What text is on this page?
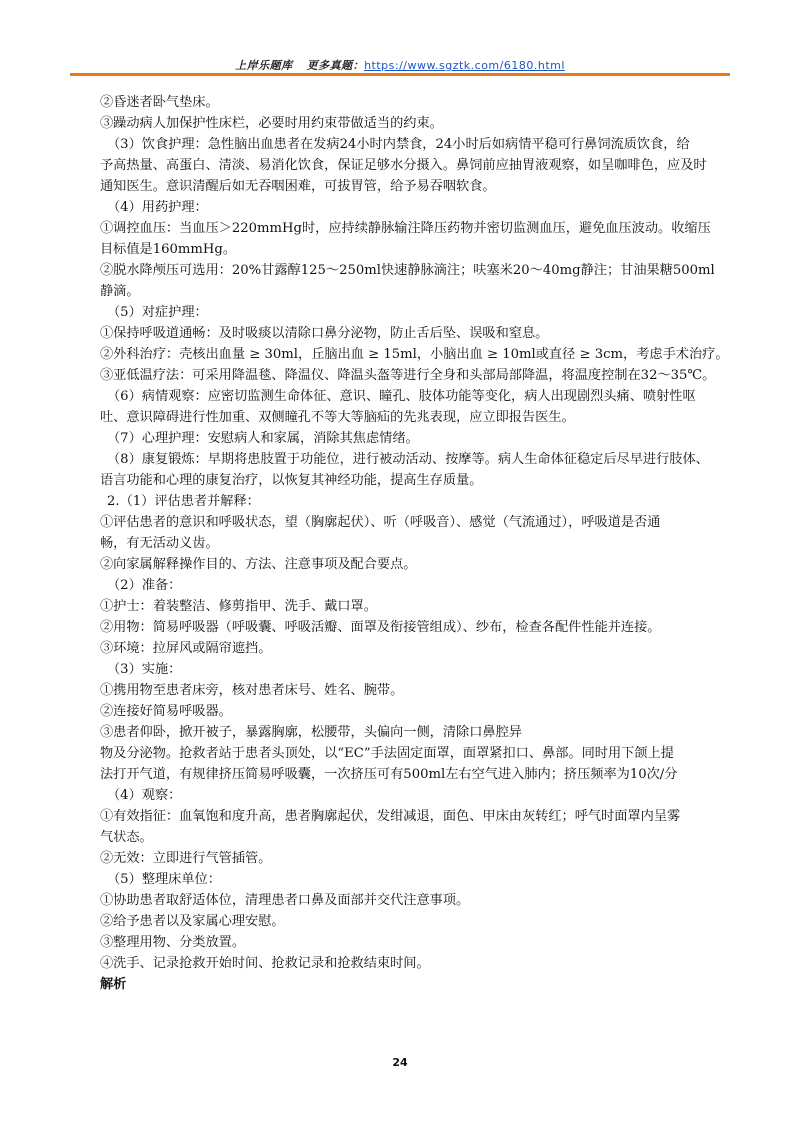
上岸乐题库 更多真题：https://www.sgztk.com/6180.html
②昏迷者卧气垫床。
③躁动病人加保护性床栏，必要时用约束带做适当的约束。
（3）饮食护理：急性脑出血患者在发病24小时内禁食，24小时后如病情平稳可行鼻饲流质饮食，给
予高热量、高蛋白、清淡、易消化饮食，保证足够水分摄入。鼻饲前应抽胃液观察，如呈咖啡色，应及时
通知医生。意识清醒后如无吞咽困难，可拔胃管，给予易吞咽软食。
（4）用药护理：
①调控血压：当血压＞220mmHg时，应持续静脉输注降压药物并密切监测血压，避免血压波动。收缩压
目标值是160mmHg。
②脱水降颅压可选用：20%甘露醇125～250ml快速静脉滴注；呋塞米20～40mg静注；甘油果糖500ml
静滴。
（5）对症护理：
①保持呼吸道通畅：及时吸痰以清除口鼻分泌物，防止舌后坠、误吸和窒息。
②外科治疗：壳核出血量 ≥ 30ml，丘脑出血 ≥ 15ml，小脑出血 ≥ 10ml或直径 ≥ 3cm，考虑手术治疗。
③亚低温疗法：可采用降温毯、降温仪、降温头盔等进行全身和头部局部降温，将温度控制在32～35℃。
（6）病情观察：应密切监测生命体征、意识、瞳孔、肢体功能等变化，病人出现剧烈头痛、喷射性呕
吐、意识障碍进行性加重、双侧瞳孔不等大等脑疝的先兆表现，应立即报告医生。
（7）心理护理：安慰病人和家属，消除其焦虑情绪。
（8）康复锻炼：早期将患肢置于功能位，进行被动活动、按摩等。病人生命体征稳定后尽早进行肢体、
语言功能和心理的康复治疗，以恢复其神经功能，提高生存质量。
2.（1）评估患者并解释：
①评估患者的意识和呼吸状态，望（胸廓起伏）、听（呼吸音）、感觉（气流通过），呼吸道是否通
畅，有无活动义齿。
②向家属解释操作目的、方法、注意事项及配合要点。
（2）准备：
①护士：着装整洁、修剪指甲、洗手、戴口罩。
②用物：简易呼吸器（呼吸囊、呼吸活瓣、面罩及衔接管组成）、纱布，检查各配件性能并连接。
③环境：拉屏风或隔帘遮挡。
（3）实施：
①携用物至患者床旁，核对患者床号、姓名、腕带。
②连接好简易呼吸器。
③患者仰卧，掀开被子，暴露胸廓，松腰带，头偏向一侧，清除口鼻腔异
物及分泌物。抢救者站于患者头顶处，以“EC”手法固定面罩，面罩紧扣口、鼻部。同时用下颌上提
法打开气道，有规律挤压简易呼吸囊，一次挤压可有500ml左右空气进入肺内；挤压频率为10次/分
（4）观察：
①有效指征：血氧饱和度升高，患者胸廓起伏，发绀减退，面色、甲床由灰转红；呼气时面罩内呈雾
气状态。
②无效：立即进行气管插管。
（5）整理床单位：
①协助患者取舒适体位，清理患者口鼻及面部并交代注意事项。
②给予患者以及家属心理安慰。
③整理用物、分类放置。
④洗手、记录抢救开始时间、抢救记录和抢救结束时间。
解析
24
